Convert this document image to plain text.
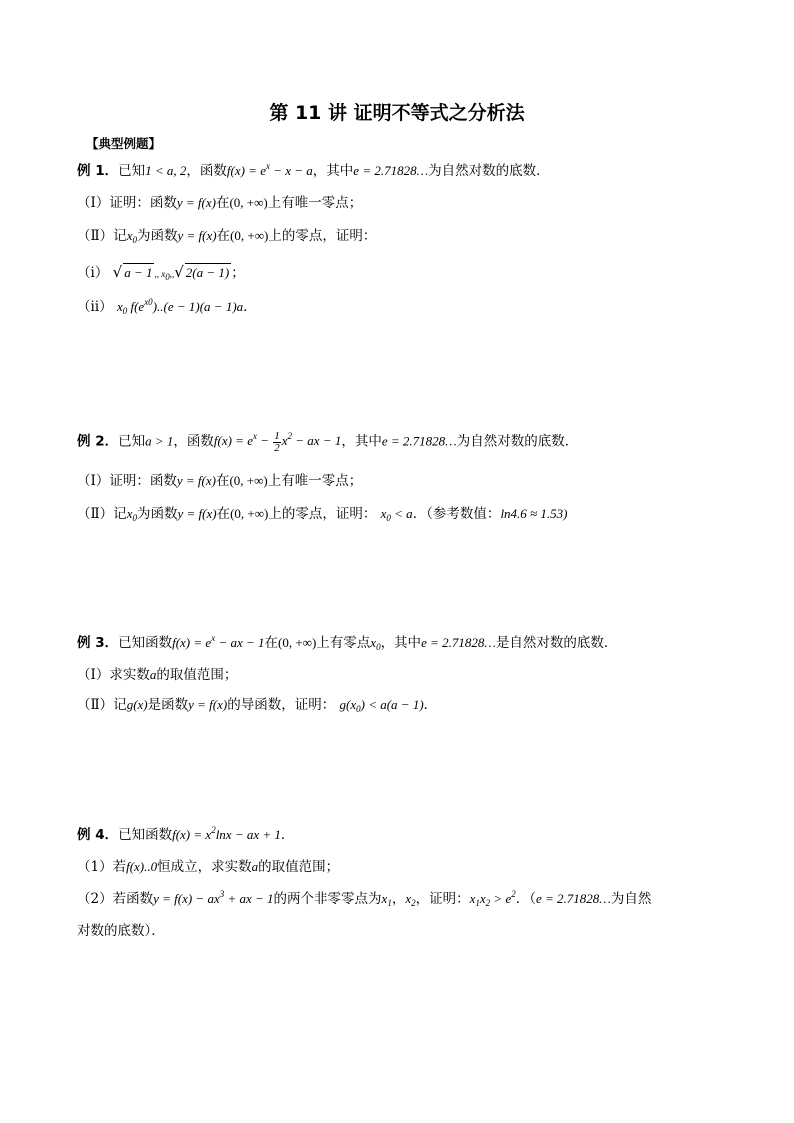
第 11 讲 证明不等式之分析法
【典型例题】
例 1．已知1 < a, 2，函数$f(x) = e^x - x - a$，其中e = 2.71828…为自然对数的底数．
（Ⅰ）证明：函数y = f(x)在(0, +∞)上有唯一零点；
（Ⅱ）记$x_0$为函数y = f(x)在(0, +∞)上的零点，证明：
（ⅰ） √ a − 1 ,, $x_0,,√$ 2(a − 1) ；
（ⅱ） $x_0$ $f(e^{x0})..(e - 1)(a - 1)a$．
例 2．已知a > 1，函数$f(x) = e^x - \frac{1}{2} x^2$ − ax − 1，其中e = 2.71828…为自然对数的底数．
（Ⅰ）证明：函数y = f(x)在(0, +∞)上有唯一零点；
（Ⅱ）记$x_0$为函数y = f(x)在(0, +∞)上的零点，证明： $x_0 < a$．（参考数值：ln4.6 ≈ 1.53)
例 3．已知函数$f(x) = e^x$ − ax − 1在(0, +∞)上有零点$x_0$，其中e = 2.71828…是自然对数的底数．
（Ⅰ）求实数a的取值范围；
（Ⅱ）记g(x)是函数y = f(x)的导函数，证明： $g(x_0) < a(a - 1)$．
例 4．已知函数$f(x) = x^2\ln x$ − ax + 1．
（1）若f(x)..0恒成立，求实数a的取值范围；
（2）若函数$y = f(x) - ax^3$ + ax − 1的两个非零零点为$x_1$，$x_2$，证明：$x_1x_2 > e^2$．（e = 2.71828…为自然
对数的底数）．
